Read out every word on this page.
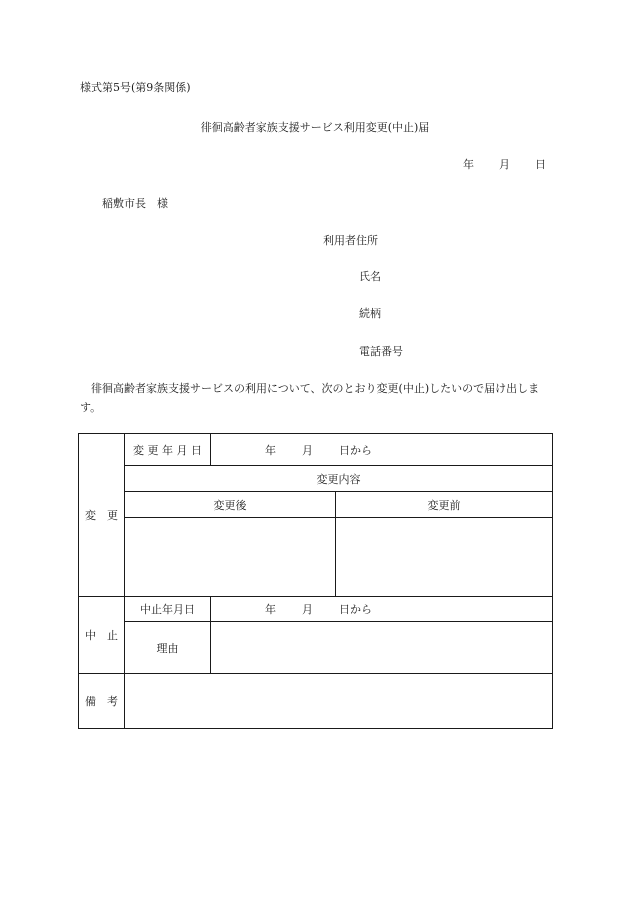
様式第5号(第9条関係)
徘徊高齢者家族支援サービス利用変更(中止)届
年 月 日
稲敷市長　様
利用者住所
氏名
続柄
電話番号
徘徊高齢者家族支援サービスの利用について、次のとおり変更(中止)したいので届け出します。
変　更	変 更 年 月 日	年 月 日から	
	変更内容		
	変更後		変更前

中　止	中止年月日	年 月 日から	
	理由		
備　考			
